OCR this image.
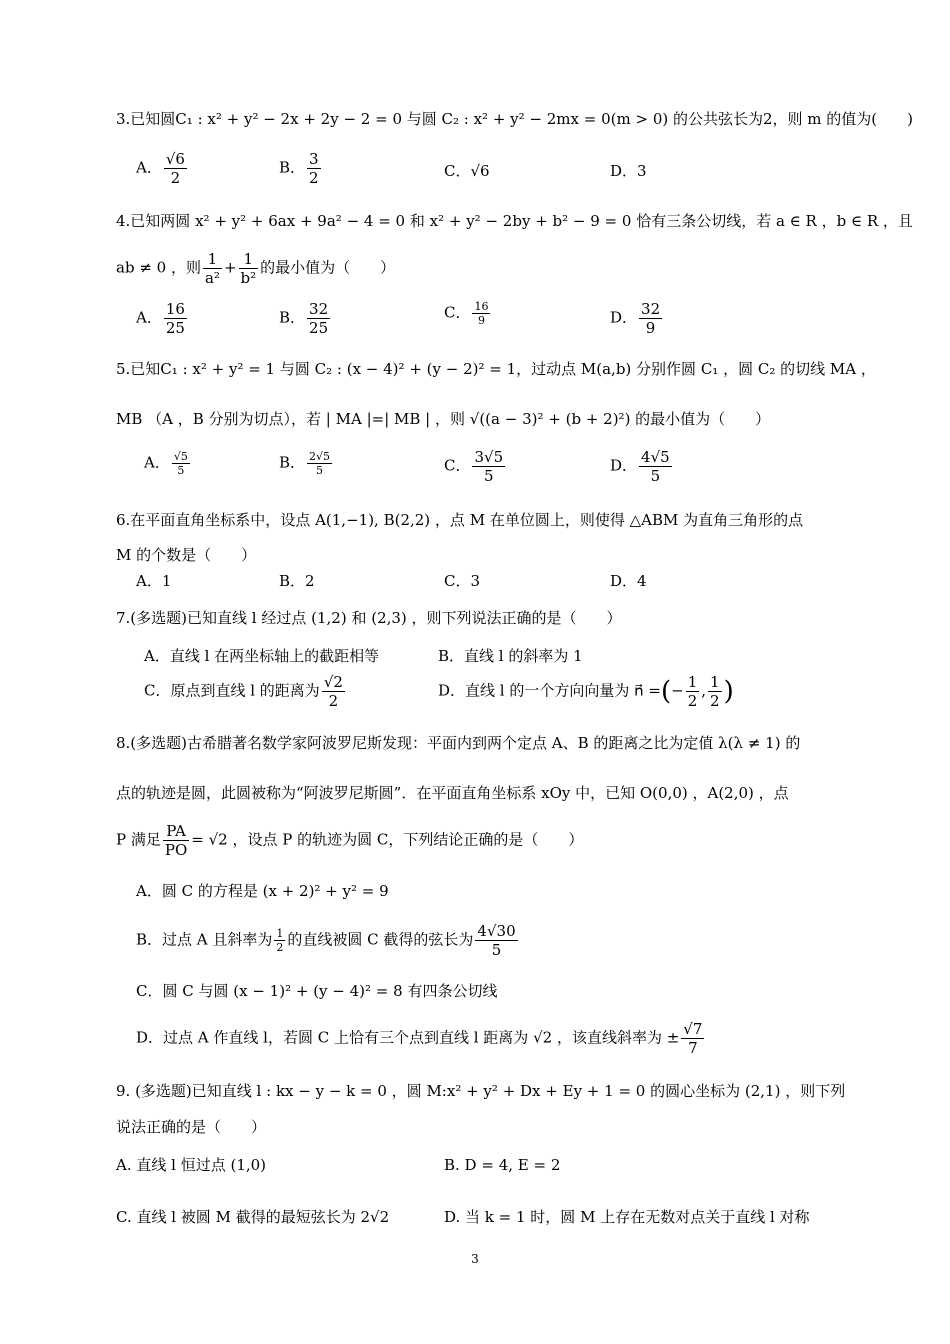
3.已知圆C₁ : x² + y² − 2x + 2y − 2 = 0 与圆 C₂ : x² + y² − 2mx = 0(m > 0) 的公共弦长为2，则 m 的值为(　　)
A． $\frac{√6}{2}$	B． $\frac{3}{2}$	C．√6	D．3
4.已知两圆 x² + y² + 6ax + 9a² − 4 = 0 和 x² + y² − 2by + b² − 9 = 0 恰有三条公切线，若 a ∈ R ，b ∈ R ，且
ab ≠ 0 ，则 $\frac{1}{\text{a²}} + \frac{1}{\text{b²}}$ 的最小值为（　　）
A． $\frac{16}{25}$	B． $\frac{32}{25}$	C． $\frac{16}{9}$	D． $\frac{32}{9}$
5.已知C₁ : x² + y² = 1 与圆 C₂ : (x − 4)² + (y − 2)² = 1，过动点 M(a,b) 分别作圆 C₁ ，圆 C₂ 的切线 MA ，
MB （A ，B 分别为切点），若 | MA |=| MB | ，则 √((a − 3)² + (b + 2)²) 的最小值为（　　）
A． $\frac{√5}{5}$	B． $\frac{2√5}{5}$	C． $\frac{3√5}{5}$	D． $\frac{4√5}{5}$
6.在平面直角坐标系中，设点 A(1,−1), B(2,2) ，点 M 在单位圆上，则使得 △ABM 为直角三角形的点
M 的个数是（　　）
A．1	B．2	C．3	D．4
7.(多选题)已知直线 l 经过点 (1,2) 和 (2,3) ，则下列说法正确的是（　　）
A．直线 l 在两坐标轴上的截距相等	B．直线 l 的斜率为 1
C．原点到直线 l 的距离为 $\frac{√2}{2}$	D．直线 l 的一个方向向量为 n⃗ =(− $\frac{1}{2}$ , $\frac{1}{2}$ )
8.(多选题)古希腊著名数学家阿波罗尼斯发现：平面内到两个定点 A、B 的距离之比为定值 λ(λ ≠ 1) 的
点的轨迹是圆，此圆被称为“阿波罗尼斯圆”．在平面直角坐标系 xOy 中，已知 O(0,0) ，A(2,0) ，点
P 满足 $\frac{PA}{PO} = √2$ ，设点 P 的轨迹为圆 C，下列结论正确的是（　　）
A．圆 C 的方程是 (x + 2)² + y² = 9
B．过点 A 且斜率为 $\frac{1}{2}$ 的直线被圆 C 截得的弦长为 $\frac{4√30}{5}$
C．圆 C 与圆 (x − 1)² + (y − 4)² = 8 有四条公切线
D．过点 A 作直线 l，若圆 C 上恰有三个点到直线 l 距离为 √2 ，该直线斜率为 ± $\frac{√7}{7}$
9. (多选题)已知直线 l : kx − y − k = 0 ，圆 M:x² + y² + Dx + Ey + 1 = 0 的圆心坐标为 (2,1) ，则下列
说法正确的是（　　）
A. 直线 l 恒过点 (1,0)	B. D = 4, E = 2
C. 直线 l 被圆 M 截得的最短弦长为 2√2	D. 当 k = 1 时，圆 M 上存在无数对点关于直线 l 对称
3
